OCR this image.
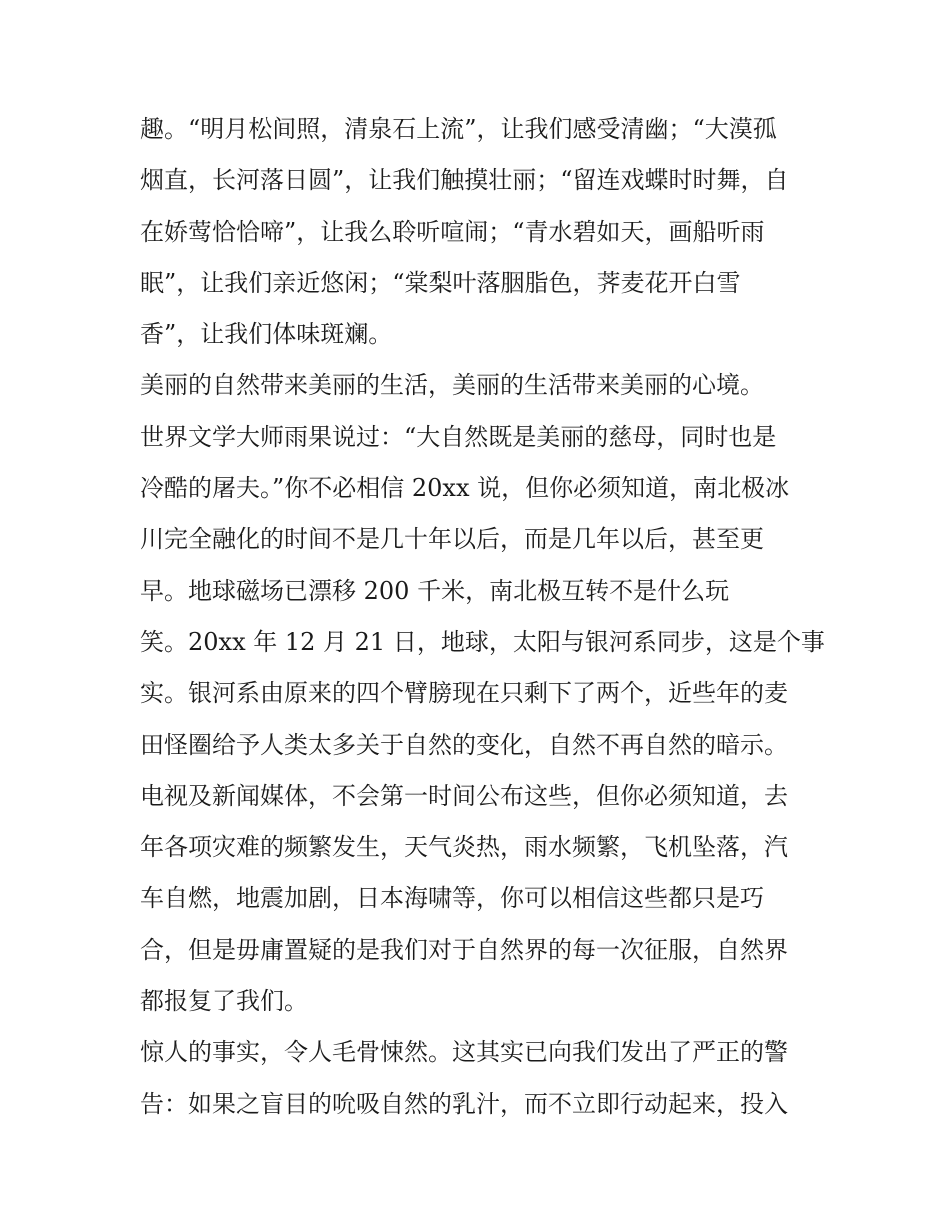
趣。“明月松间照，清泉石上流”，让我们感受清幽；“大漠孤
烟直，长河落日圆”，让我们触摸壮丽；“留连戏蝶时时舞，自
在娇莺恰恰啼”，让我么聆听喧闹；“青水碧如天，画船听雨
眠”，让我们亲近悠闲；“棠梨叶落胭脂色，荠麦花开白雪
香”，让我们体味斑斓。
美丽的自然带来美丽的生活，美丽的生活带来美丽的心境。
世界文学大师雨果说过：“大自然既是美丽的慈母，同时也是
冷酷的屠夫。”你不必相信 20xx 说，但你必须知道，南北极冰
川完全融化的时间不是几十年以后，而是几年以后，甚至更
早。地球磁场已漂移 200 千米，南北极互转不是什么玩
笑。20xx 年 12 月 21 日，地球，太阳与银河系同步，这是个事
实。银河系由原来的四个臂膀现在只剩下了两个，近些年的麦
田怪圈给予人类太多关于自然的变化，自然不再自然的暗示。
电视及新闻媒体，不会第一时间公布这些，但你必须知道，去
年各项灾难的频繁发生，天气炎热，雨水频繁，飞机坠落，汽
车自燃，地震加剧，日本海啸等，你可以相信这些都只是巧
合，但是毋庸置疑的是我们对于自然界的每一次征服，自然界
都报复了我们。
惊人的事实，令人毛骨悚然。这其实已向我们发出了严正的警
告：如果之盲目的吮吸自然的乳汁，而不立即行动起来，投入
